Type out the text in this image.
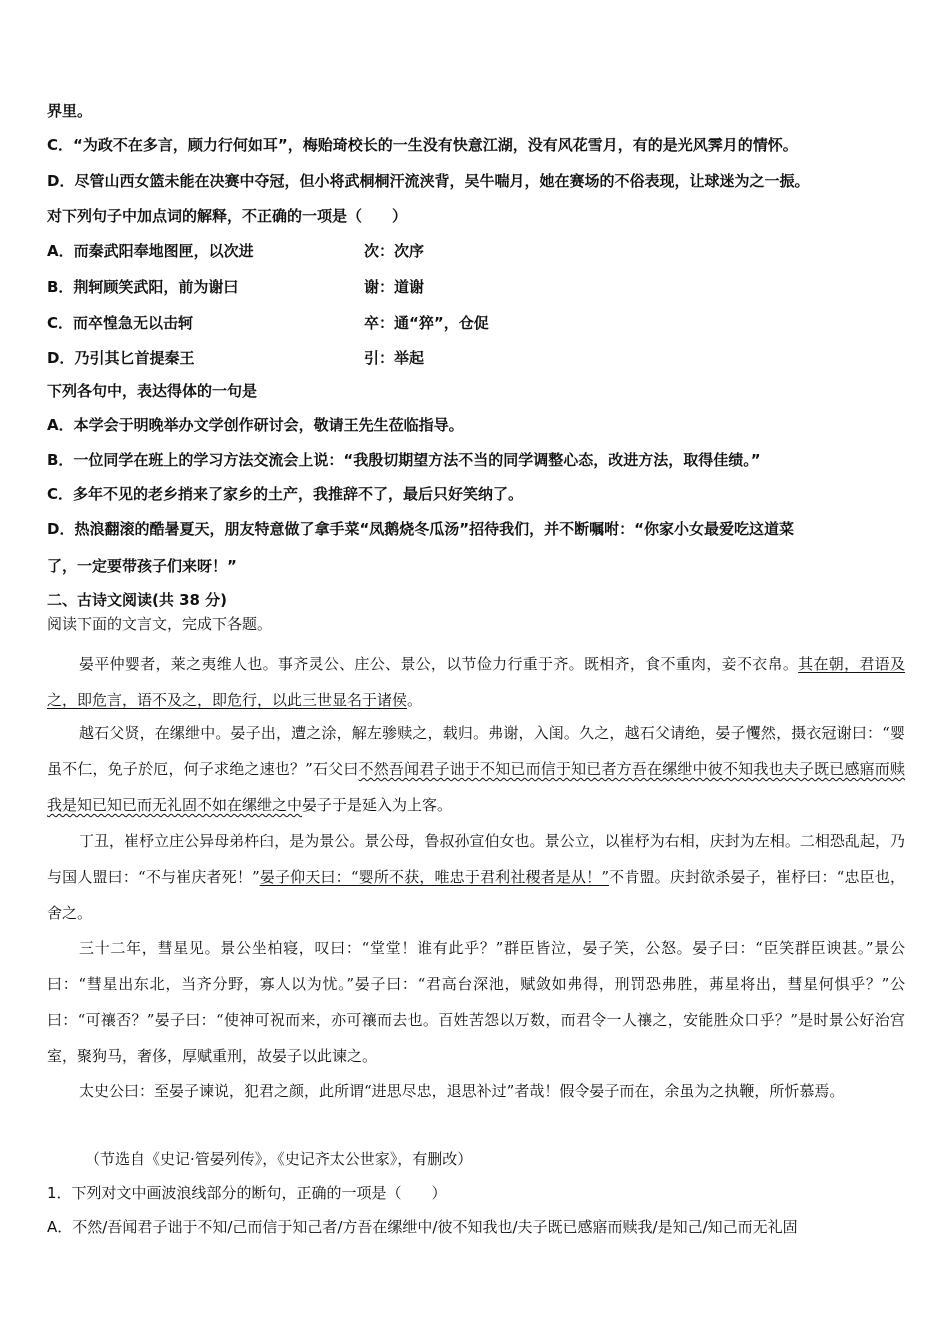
界里。
C．“为政不在多言，顾力行何如耳”，梅贻琦校长的一生没有快意江湖，没有风花雪月，有的是光风霁月的情怀。
D．尽管山西女篮未能在决赛中夺冠，但小将武桐桐汗流浃背，吴牛喘月，她在赛场的不俗表现，让球迷为之一振。
对下列句子中加点词的解释，不正确的一项是（　　）
A．而秦武阳奉地图匣，以次进	次：次序
B．荆轲顾笑武阳，前为谢曰	谢：道谢
C．而卒惶急无以击轲	卒：通“猝”，仓促
D．乃引其匕首提秦王	引：举起
下列各句中，表达得体的一句是
A．本学会于明晚举办文学创作研讨会，敬请王先生莅临指导。
B．一位同学在班上的学习方法交流会上说：“我殷切期望方法不当的同学调整心态，改进方法，取得佳绩。”
C．多年不见的老乡捎来了家乡的土产，我推辞不了，最后只好笑纳了。
D．热浪翻滚的酷暑夏天，朋友特意做了拿手菜“凤鹅烧冬瓜汤”招待我们，并不断嘱咐：“你家小女最爱吃这道菜
了，一定要带孩子们来呀！”
二、古诗文阅读(共 38 分)
阅读下面的文言文，完成下各题。
晏平仲婴者，莱之夷维人也。事齐灵公、庄公、景公，以节俭力行重于齐。既相齐，食不重肉，妾不衣帛。其在朝，君语及之，即危言，语不及之，即危行，以此三世显名于诸侯。
越石父贤，在缧绁中。晏子出，遭之涂，解左骖赎之，载归。弗谢，入闺。久之，越石父请绝，晏子戄然，摄衣冠谢曰：“婴虽不仁，免子於厄，何子求绝之速也？”石父曰不然吾闻君子诎于不知已而信于知已者方吾在缧绁中彼不知我也夫子既已感寤而赎我是知已知已而无礼固不如在缧绁之中晏子于是延入为上客。
丁丑，崔杼立庄公异母弟杵臼，是为景公。景公母，鲁叔孙宣伯女也。景公立，以崔杼为右相，庆封为左相。二相恐乱起，乃与国人盟曰：“不与崔庆者死！”晏子仰天曰：“婴所不获，唯忠于君利社稷者是从！”不肯盟。庆封欲杀晏子，崔杼曰：“忠臣也，舍之。
三十二年，彗星见。景公坐柏寝，叹曰：“堂堂！谁有此乎？”群臣皆泣，晏子笑，公怒。晏子曰：“臣笑群臣谀甚。”景公曰：“彗星出东北，当齐分野，寡人以为忧。”晏子曰：“君高台深池，赋敛如弗得，刑罚恐弗胜，茀星将出，彗星何惧乎？”公曰：“可禳否？”晏子曰：“使神可祝而来，亦可禳而去也。百姓苦怨以万数，而君令一人禳之，安能胜众口乎？”是时景公好治宫室，聚狗马，奢侈，厚赋重刑，故晏子以此谏之。
太史公曰：至晏子谏说，犯君之颜，此所谓“进思尽忠，退思补过”者哉！假令晏子而在，余虽为之执鞭，所忻慕焉。
（节选自《史记·管晏列传》，《史记齐太公世家》，有删改）
1．下列对文中画波浪线部分的断句，正确的一项是（　　）
A．不然/吾闻君子诎于不知/己而信于知己者/方吾在缧绁中/彼不知我也/夫子既已感寤而赎我/是知己/知己而无礼固
